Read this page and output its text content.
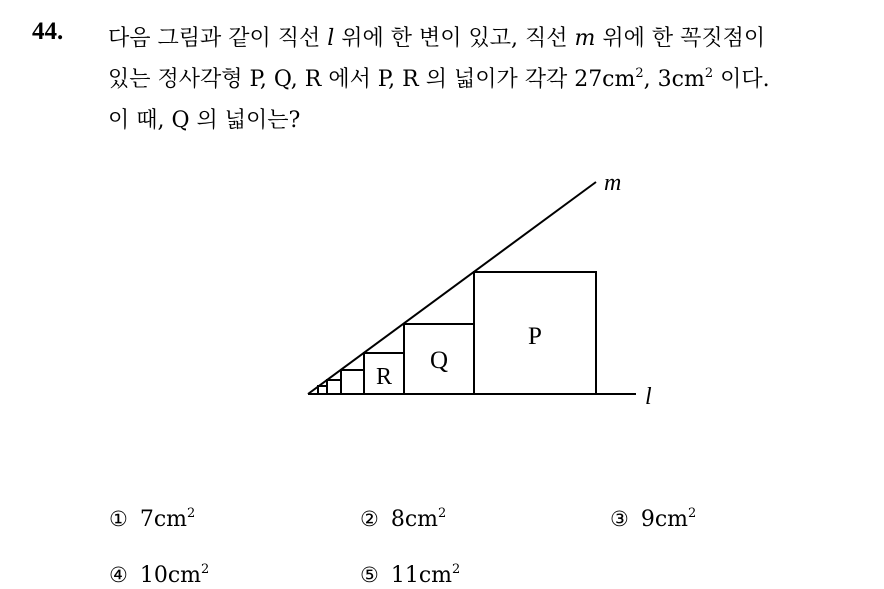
44. 다음 그림과 같이 직선 l 위에 한 변이 있고, 직선 m 위에 한 꼭짓점이
있는 정사각형 P, Q, R 에서 P, R 의 넓이가 각각 $27cm^2$, $3cm^2$ 이다.
이 때, Q 의 넓이는?
m
l
P
Q
R
① $7cm^2$	② $8cm^2$	③ $9cm^2$
④ $10cm^2$	⑤ $11cm^2$
